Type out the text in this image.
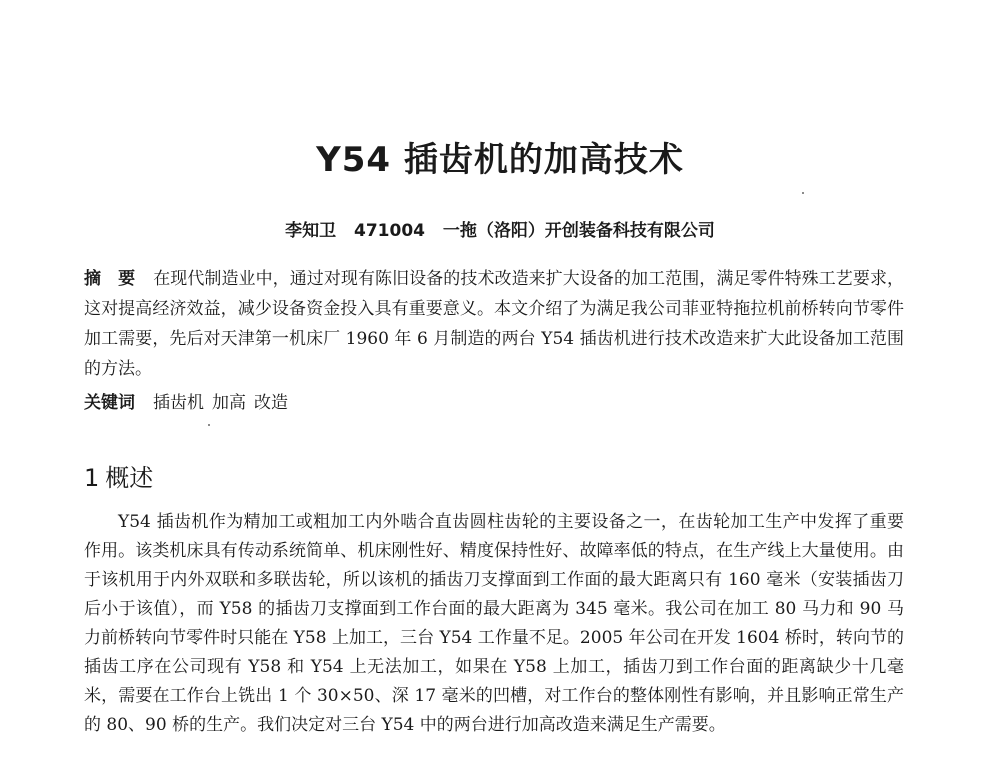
Y54 插齿机的加高技术
李知卫 471004 一拖（洛阳）开创装备科技有限公司
摘　要 在现代制造业中，通过对现有陈旧设备的技术改造来扩大设备的加工范围，满足零件特殊工艺要求，这对提高经济效益，减少设备资金投入具有重要意义。本文介绍了为满足我公司菲亚特拖拉机前桥转向节零件加工需要，先后对天津第一机床厂 1960 年 6 月制造的两台 Y54 插齿机进行技术改造来扩大此设备加工范围的方法。
关键词 插齿机 加高 改造
1 概述
Y54 插齿机作为精加工或粗加工内外啮合直齿圆柱齿轮的主要设备之一，在齿轮加工生产中发挥了重要作用。该类机床具有传动系统简单、机床刚性好、精度保持性好、故障率低的特点，在生产线上大量使用。由于该机用于内外双联和多联齿轮，所以该机的插齿刀支撑面到工作面的最大距离只有 160 毫米（安装插齿刀后小于该值），而 Y58 的插齿刀支撑面到工作台面的最大距离为 345 毫米。我公司在加工 80 马力和 90 马力前桥转向节零件时只能在 Y58 上加工，三台 Y54 工作量不足。2005 年公司在开发 1604 桥时，转向节的插齿工序在公司现有 Y58 和 Y54 上无法加工，如果在 Y58 上加工，插齿刀到工作台面的距离缺少十几毫米，需要在工作台上铣出 1 个 30×50、深 17 毫米的凹槽，对工作台的整体刚性有影响，并且影响正常生产的 80、90 桥的生产。我们决定对三台 Y54 中的两台进行加高改造来满足生产需要。
